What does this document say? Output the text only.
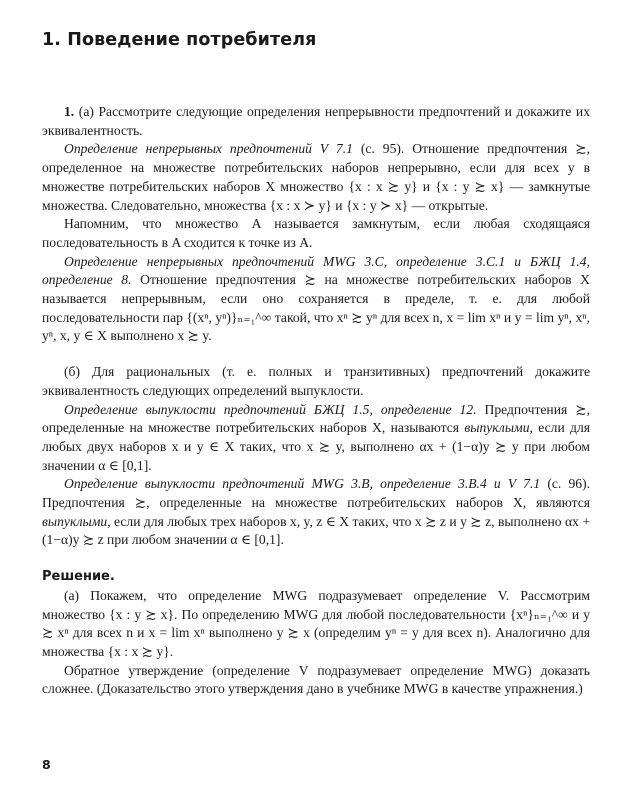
1. Поведение потребителя

1. (а) Рассмотрите следующие определения непрерывности предпочтений и докажите их эквивалентность.

Определение непрерывных предпочтений V 7.1 (с. 95). Отношение предпочтения ≿, определенное на множестве потребительских наборов непрерывно, если для всех y в множестве потребительских наборов X множество {x : x ≿ y} и {x : y ≿ x} — замкнутые множества. Следовательно, множества {x : x ≻ y} и {x : y ≻ x} — открытые.

Напомним, что множество A называется замкнутым, если любая сходящаяся последовательность в A сходится к точке из A.

Определение непрерывных предпочтений MWG 3.C, определение 3.C.1 и БЖЦ 1.4, определение 8. Отношение предпочтения ≿ на множестве потребительских наборов X называется непрерывным, если оно сохраняется в пределе, т. е. для любой последовательности пар {(xⁿ, yⁿ)}ₙ₌₁^∞ такой, что xⁿ ≿ yⁿ для всех n, x = lim xⁿ и y = lim yⁿ, xⁿ, yⁿ, x, y ∈ X выполнено x ≿ y.

(б) Для рациональных (т. е. полных и транзитивных) предпочтений докажите эквивалентность следующих определений выпуклости.

Определение выпуклости предпочтений БЖЦ 1.5, определение 12. Предпочтения ≿, определенные на множестве потребительских наборов X, называются выпуклыми, если для любых двух наборов x и y ∈ X таких, что x ≿ y, выполнено αx + (1−α)y ≿ y при любом значении α ∈ [0,1].

Определение выпуклости предпочтений MWG 3.B, определение 3.B.4 и V 7.1 (с. 96). Предпочтения ≿, определенные на множестве потребительских наборов X, являются выпуклыми, если для любых трех наборов x, y, z ∈ X таких, что x ≿ z и y ≿ z, выполнено αx + (1−α)y ≿ z при любом значении α ∈ [0,1].

Решение.

(а) Покажем, что определение MWG подразумевает определение V. Рассмотрим множество {x : y ≿ x}. По определению MWG для любой последовательности {xⁿ}ₙ₌₁^∞ и y ≿ xⁿ для всех n и x = lim xⁿ выполнено y ≿ x (определим yⁿ = y для всех n). Аналогично для множества {x : x ≿ y}.

Обратное утверждение (определение V подразумевает определение MWG) доказать сложнее. (Доказательство этого утверждения дано в учебнике MWG в качестве упражнения.)

8
